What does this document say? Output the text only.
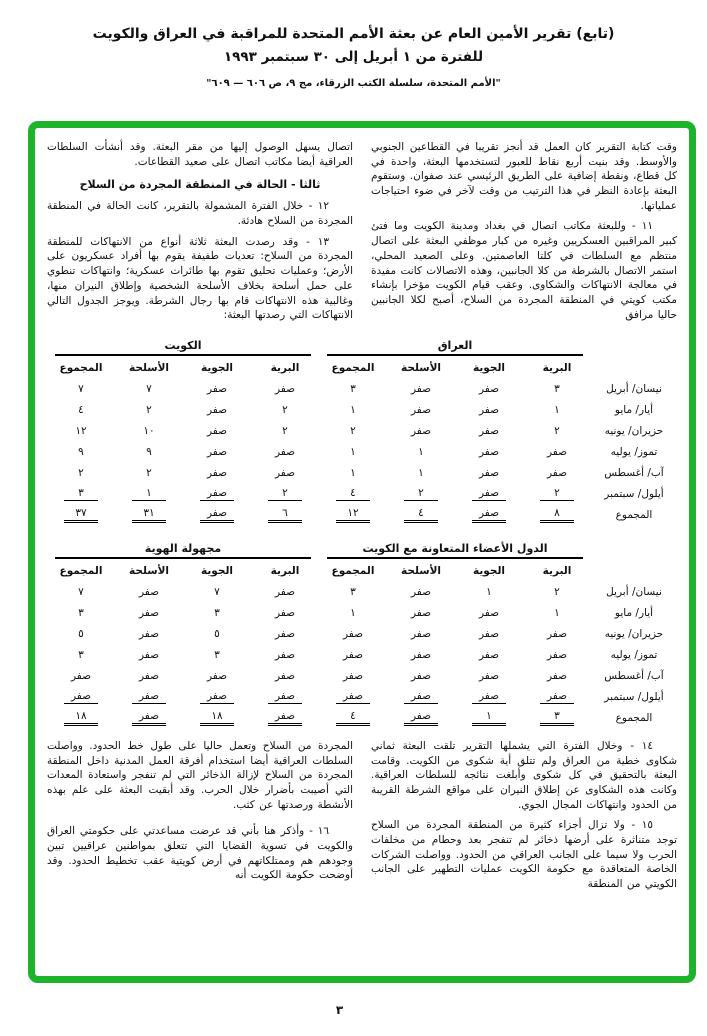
(تابع) تقرير الأمين العام عن بعثة الأمم المتحدة للمراقبة في العراق والكويت
للفترة من ١ أبريل إلى ٣٠ سبتمبر ١٩٩٣
"الأمم المتحدة، سلسلة الكتب الزرقاء، مج ٩، ص ٦٠٦ — ٦٠٩"

وقت كتابة التقرير كان العمل قد أنجز تقريبا في القطاعين الجنوبي والأوسط. وقد بنيت أربع نقاط للعبور لتستخدمها البعثة، واحدة في كل قطاع، ونقطة إضافية على الطريق الرئيسي عند صفوان. وستقوم البعثة بإعادة النظر في هذا الترتيب من وقت لآخر في ضوء احتياجات عملياتها.

١١ - وللبعثة مكاتب اتصال في بغداد ومدينة الكويت وما فتئ كبير المراقبين العسكريين وغيره من كبار موظفي البعثة على اتصال منتظم مع السلطات في كلتا العاصمتين. وعلى الصعيد المحلي، استمر الاتصال بالشرطة من كلا الجانبين، وهذه الاتصالات كانت مفيدة في معالجة الانتهاكات والشكاوى. وعقب قيام الكويت مؤخرا بإنشاء مكتب كويتي في المنطقة المجردة من السلاح، أصبح لكلا الجانبين حاليا مرافق

اتصال يسهل الوصول إليها من مقر البعثة. وقد أنشأت السلطات العراقية أيضا مكاتب اتصال على صعيد القطاعات.

ثالثا - الحالة في المنطقة المجردة من السلاح

١٢ - خلال الفترة المشمولة بالتقرير، كانت الحالة في المنطقة المجردة من السلاح هادئة.

١٣ - وقد رصدت البعثة ثلاثة أنواع من الانتهاكات للمنطقة المجردة من السلاح: تعديات طفيفة يقوم بها أفراد عسكريون على الأرض؛ وعمليات تحليق تقوم بها طائرات عسكرية؛ وانتهاكات تنطوي على حمل أسلحة بخلاف الأسلحة الشخصية وإطلاق النيران منها، وغالبية هذه الانتهاكات قام بها رجال الشرطة. ويوجز الجدول التالي الانتهاكات التي رصدتها البعثة:

	العراق				الكويت			

	البرية	الجوية	الأسلحة	المجموع	البرية	الجوية	الأسلحة	المجموع
نيسان/ أبريل	٣	صفر	صفر	٣	صفر	صفر	٧	٧
أيار/ مايو	١	صفر	صفر	١	٢	صفر	٢	٤
حزيران/ يونيه	٢	صفر	صفر	٢	٢	صفر	١٠	١٢
تموز/ يوليه	صفر	صفر	١	١	صفر	صفر	٩	٩
آب/ أغسطس	صفر	صفر	١	١	صفر	صفر	٢	٢
أيلول/ سبتمبر	٢	صفر	٢	٤	٢	صفر	١	٣
المجموع	٨	صفر	٤	١٢	٦	صفر	٣١	٣٧

	الدول الأعضاء المتعاونة مع الكويت				مجهولة الهوية			

	البرية	الجوية	الأسلحة	المجموع	البرية	الجوية	الأسلحة	المجموع
نيسان/ أبريل	٢	١	صفر	٣	صفر	٧	صفر	٧
أيار/ مايو	١	صفر	صفر	١	صفر	٣	صفر	٣
حزيران/ يونيه	صفر	صفر	صفر	صفر	صفر	٥	صفر	٥
تموز/ يوليه	صفر	صفر	صفر	صفر	صفر	٣	صفر	٣
آب/ أغسطس	صفر	صفر	صفر	صفر	صفر	صفر	صفر	صفر
أيلول/ سبتمبر	صفر	صفر	صفر	صفر	صفر	صفر	صفر	صفر
المجموع	٣	١	صفر	٤	صفر	١٨	صفر	١٨

١٤ - وخلال الفترة التي يشملها التقرير تلقت البعثة ثماني شكاوى خطية من العراق ولم تتلق أية شكوى من الكويت. وقامت البعثة بالتحقيق في كل شكوى وأبلغت نتائجه للسلطات العراقية. وكانت هذه الشكاوى عن إطلاق النيران على مواقع الشرطة القريبة من الحدود وانتهاكات المجال الجوي.

١٥ - ولا تزال أجزاء كثيرة من المنطقة المجردة من السلاح توجد متناثرة على أرضها ذخائر لم تنفجر بعد وحطام من مخلفات الحرب ولا سيما على الجانب العراقي من الحدود. وواصلت الشركات الخاصة المتعاقدة مع حكومة الكويت عمليات التطهير على الجانب الكويتي من المنطقة

المجردة من السلاح وتعمل حاليا على طول خط الحدود. وواصلت السلطات العراقية أيضا استخدام أفرقة العمل المدنية داخل المنطقة المجردة من السلاح لإزالة الذخائر التي لم تنفجر واستعادة المعدات التي أصيبت بأضرار خلال الحرب. وقد أبقيت البعثة على علم بهذه الأنشطة ورصدتها عن كثب.

١٦ - وأذكر هنا بأني قد عرضت مساعدتي على حكومتي العراق والكويت في تسوية القضايا التي تتعلق بمواطنين عراقيين تبين وجودهم هم وممتلكاتهم في أرض كويتية عقب تخطيط الحدود. وقد أوضحت حكومة الكويت أنه

٣
